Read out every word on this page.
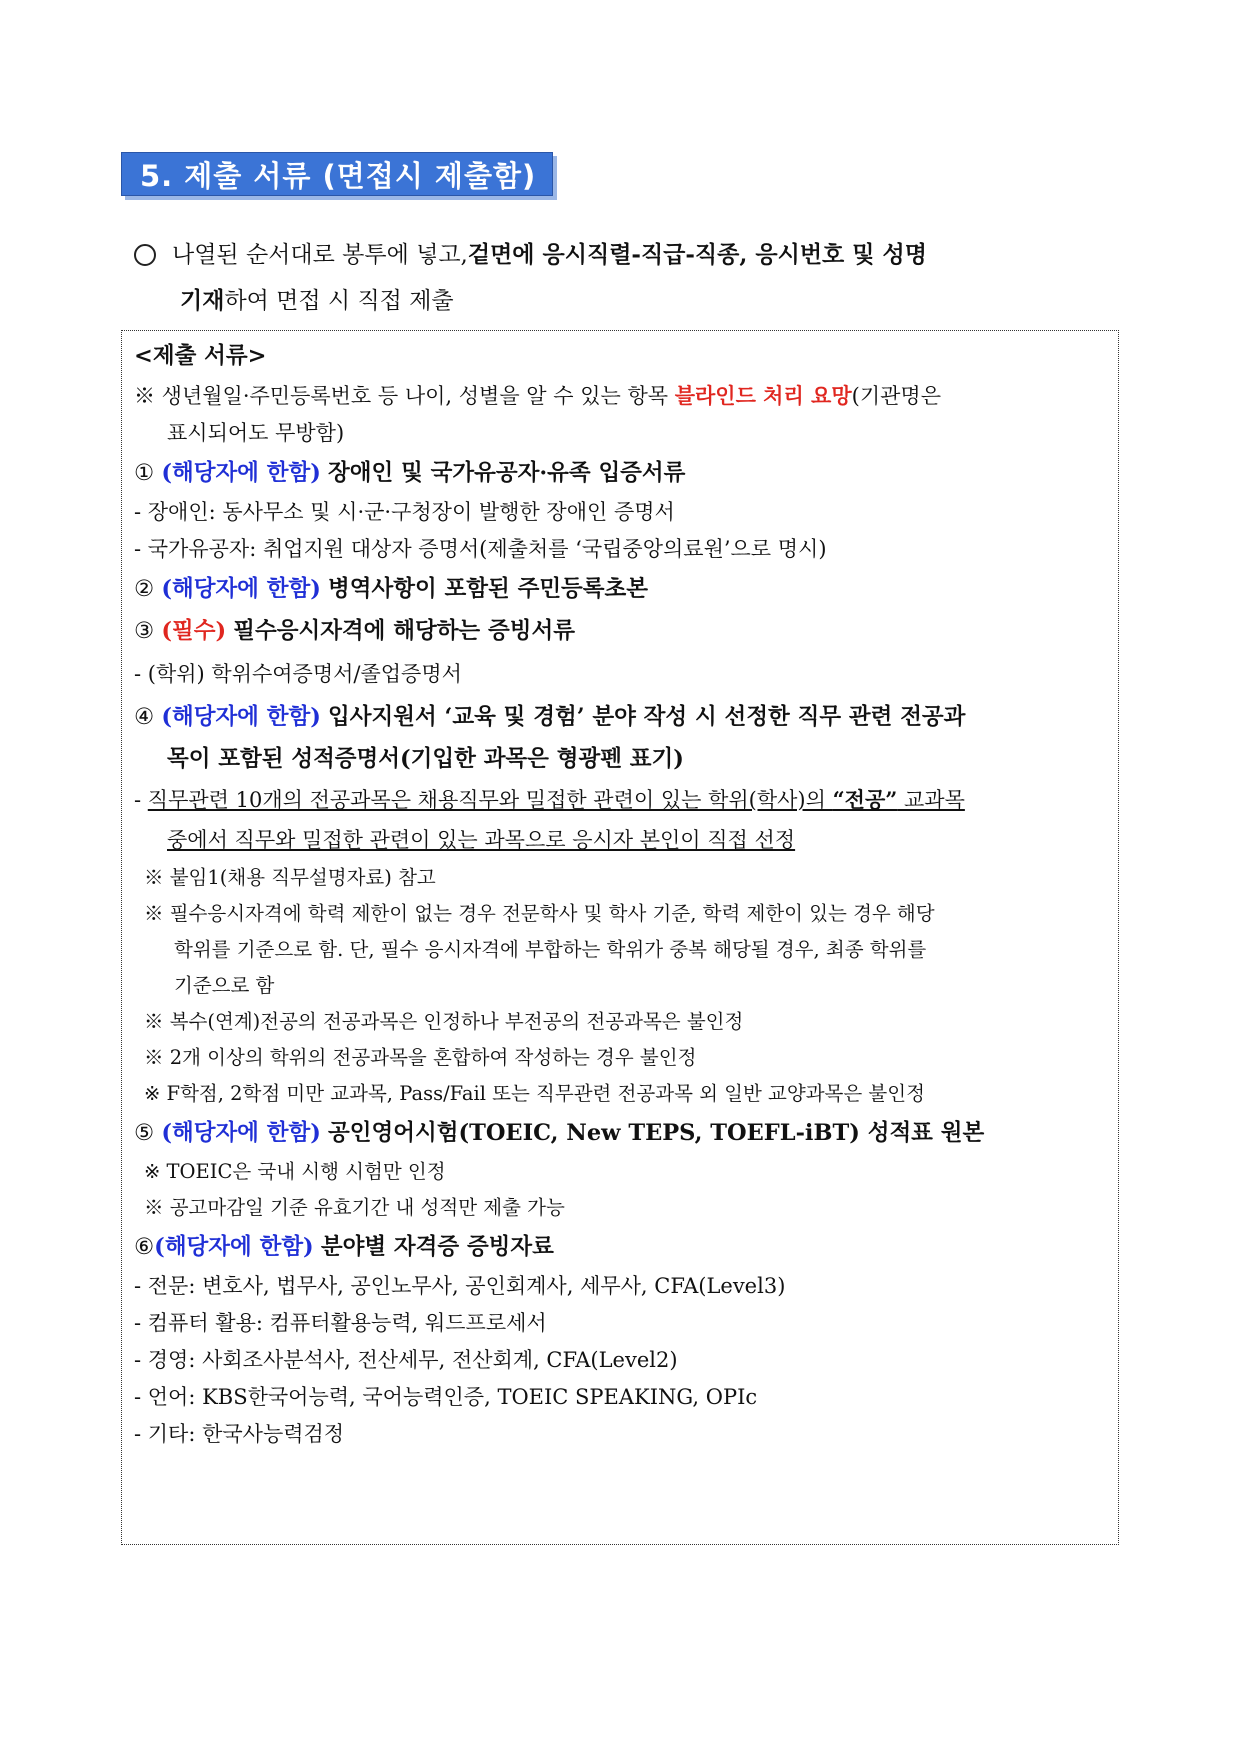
5. 제출 서류 (면접시 제출함)
나열된 순서대로 봉투에 넣고, 겉면에 응시직렬-직급-직종, 응시번호 및 성명
기재하여 면접 시 직접 제출
<제출 서류>
※ 생년월일·주민등록번호 등 나이, 성별을 알 수 있는 항목 블라인드 처리 요망(기관명은
표시되어도 무방함)
① (해당자에 한함) 장애인 및 국가유공자·유족 입증서류
- 장애인: 동사무소 및 시·군·구청장이 발행한 장애인 증명서
- 국가유공자: 취업지원 대상자 증명서(제출처를 ‘국립중앙의료원’으로 명시)
② (해당자에 한함) 병역사항이 포함된 주민등록초본
③ (필수) 필수응시자격에 해당하는 증빙서류
- (학위) 학위수여증명서/졸업증명서
④ (해당자에 한함) 입사지원서 ‘교육 및 경험’ 분야 작성 시 선정한 직무 관련 전공과
목이 포함된 성적증명서(기입한 과목은 형광펜 표기)
- 직무관련 10개의 전공과목은 채용직무와 밀접한 관련이 있는 학위(학사)의 “전공” 교과목
중에서 직무와 밀접한 관련이 있는 과목으로 응시자 본인이 직접 선정
※ 붙임1(채용 직무설명자료) 참고
※ 필수응시자격에 학력 제한이 없는 경우 전문학사 및 학사 기준, 학력 제한이 있는 경우 해당
학위를 기준으로 함. 단, 필수 응시자격에 부합하는 학위가 중복 해당될 경우, 최종 학위를
기준으로 함
※ 복수(연계)전공의 전공과목은 인정하나 부전공의 전공과목은 불인정
※ 2개 이상의 학위의 전공과목을 혼합하여 작성하는 경우 불인정
※ F학점, 2학점 미만 교과목, Pass/Fail 또는 직무관련 전공과목 외 일반 교양과목은 불인정
⑤ (해당자에 한함) 공인영어시험(TOEIC, New TEPS, TOEFL-iBT) 성적표 원본
※ TOEIC은 국내 시행 시험만 인정
※ 공고마감일 기준 유효기간 내 성적만 제출 가능
⑥(해당자에 한함) 분야별 자격증 증빙자료
- 전문: 변호사, 법무사, 공인노무사, 공인회계사, 세무사, CFA(Level3)
- 컴퓨터 활용: 컴퓨터활용능력, 워드프로세서
- 경영: 사회조사분석사, 전산세무, 전산회계, CFA(Level2)
- 언어: KBS한국어능력, 국어능력인증, TOEIC SPEAKING, OPIc
- 기타: 한국사능력검정
